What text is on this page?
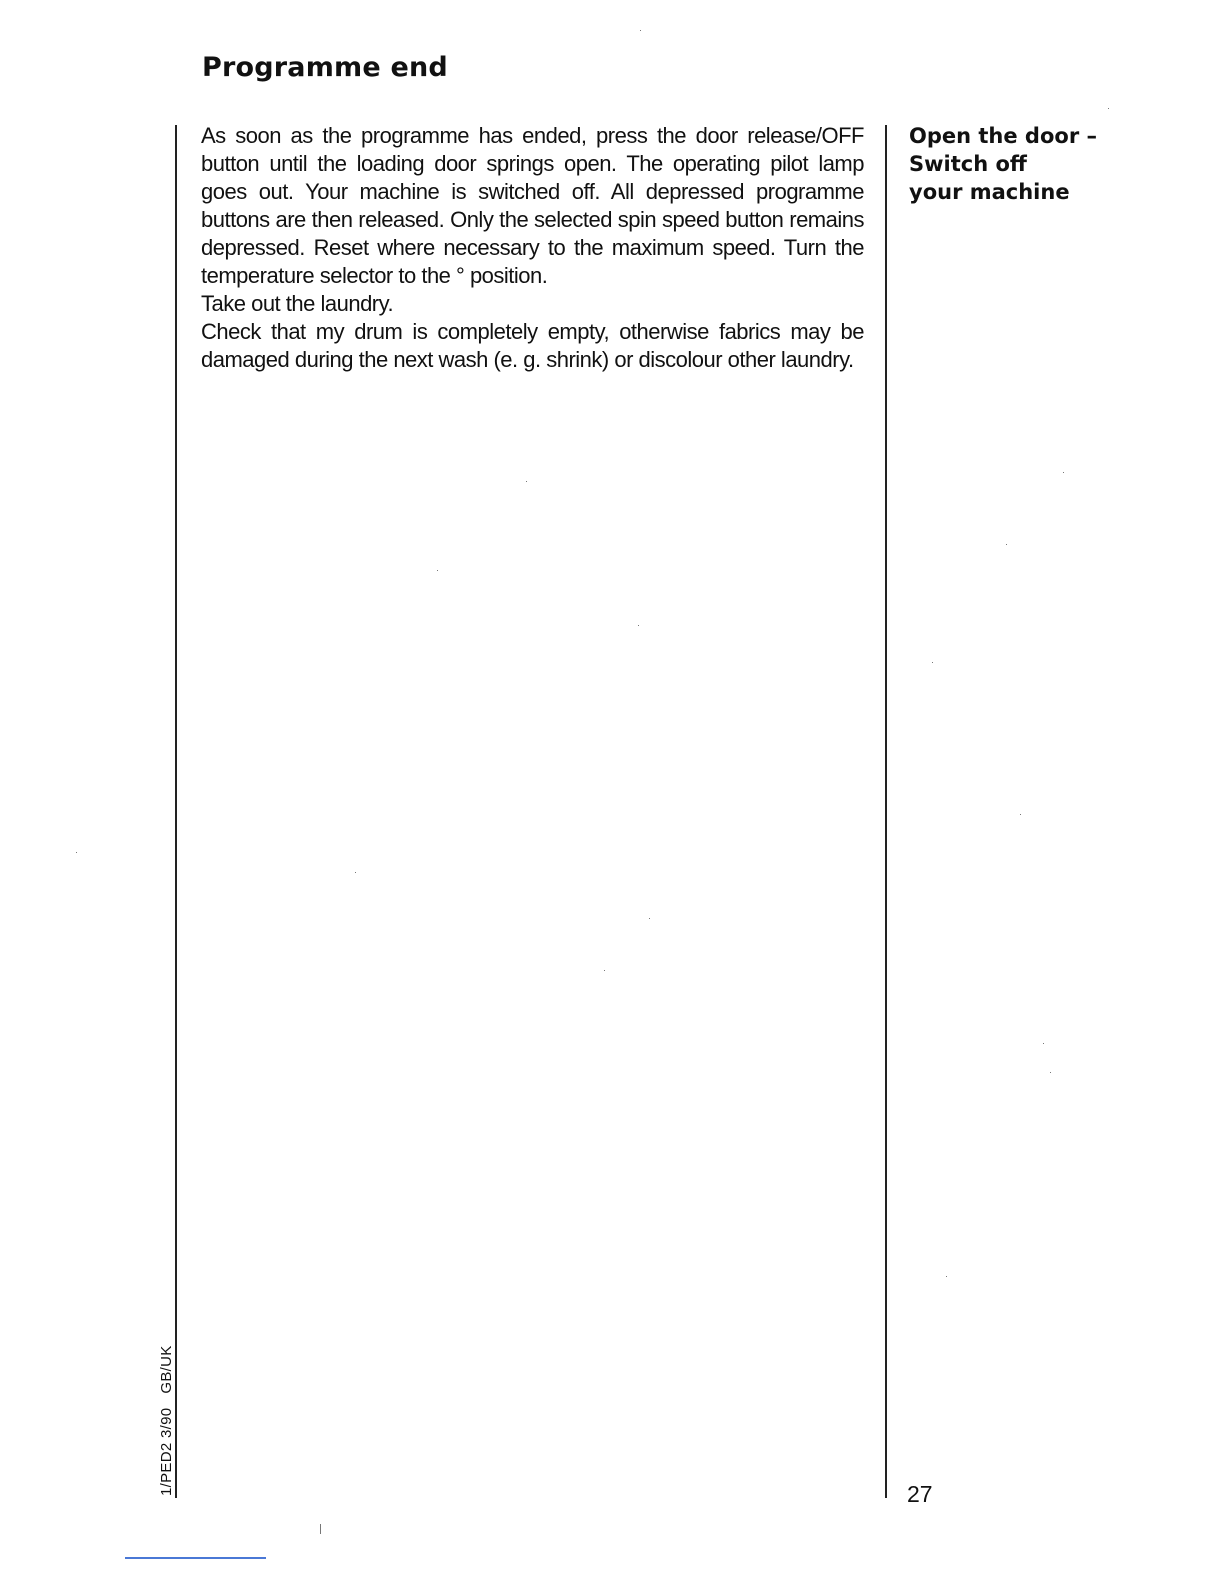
Programme end

As soon as the programme has ended, press the door release/OFF button until the loading door springs open. The operating pilot lamp goes out. Your machine is switched off. All depressed programme buttons are then released. Only the selected spin speed button remains depressed. Reset where necessary to the maximum speed. Turn the temperature selector to the ° position.

Take out the laundry.

Check that my drum is completely empty, otherwise fabrics may be damaged during the next wash (e. g. shrink) or discolour other laundry.

Open the door –
Switch off
your machine
27
1/PED2 3/90GB/UK
